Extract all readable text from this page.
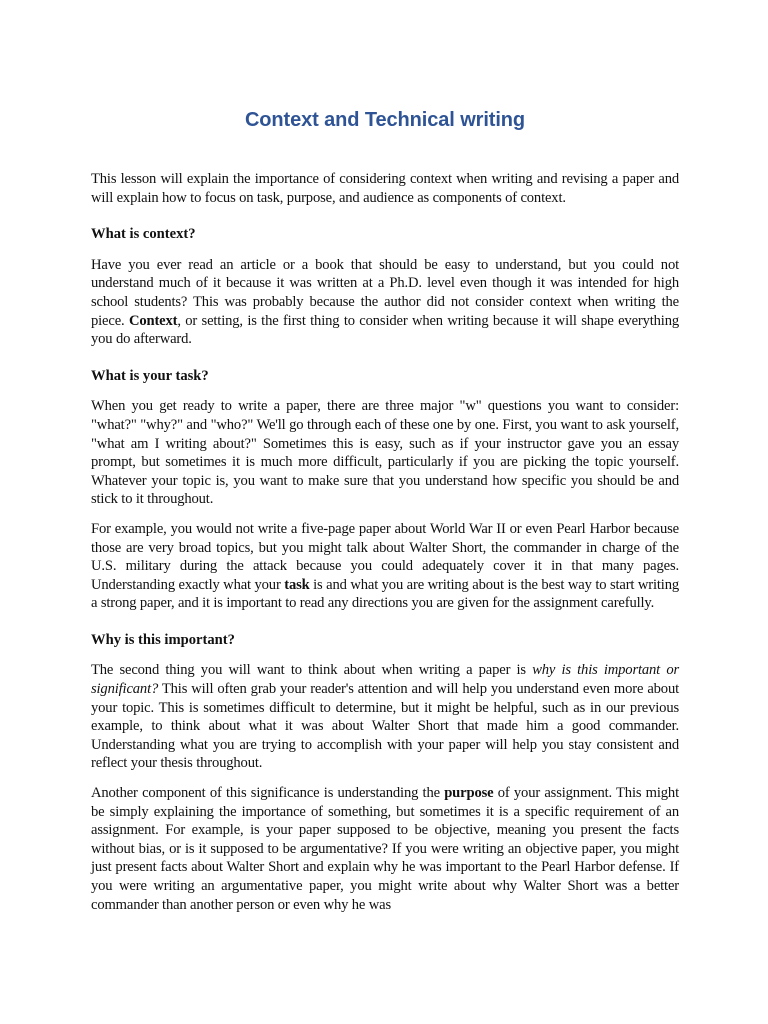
Context and Technical writing

This lesson will explain the importance of considering context when writing and revising a paper and will explain how to focus on task, purpose, and audience as components of context.

What is context?

Have you ever read an article or a book that should be easy to understand, but you could not understand much of it because it was written at a Ph.D. level even though it was intended for high school students? This was probably because the author did not consider context when writing the piece. Context, or setting, is the first thing to consider when writing because it will shape everything you do afterward.

What is your task?

When you get ready to write a paper, there are three major "w" questions you want to consider: "what?" "why?" and "who?" We'll go through each of these one by one. First, you want to ask yourself, "what am I writing about?" Sometimes this is easy, such as if your instructor gave you an essay prompt, but sometimes it is much more difficult, particularly if you are picking the topic yourself. Whatever your topic is, you want to make sure that you understand how specific you should be and stick to it throughout.

For example, you would not write a five-page paper about World War II or even Pearl Harbor because those are very broad topics, but you might talk about Walter Short, the commander in charge of the U.S. military during the attack because you could adequately cover it in that many pages. Understanding exactly what your task is and what you are writing about is the best way to start writing a strong paper, and it is important to read any directions you are given for the assignment carefully.

Why is this important?

The second thing you will want to think about when writing a paper is why is this important or significant? This will often grab your reader's attention and will help you understand even more about your topic. This is sometimes difficult to determine, but it might be helpful, such as in our previous example, to think about what it was about Walter Short that made him a good commander. Understanding what you are trying to accomplish with your paper will help you stay consistent and reflect your thesis throughout.

Another component of this significance is understanding the purpose of your assignment. This might be simply explaining the importance of something, but sometimes it is a specific requirement of an assignment. For example, is your paper supposed to be objective, meaning you present the facts without bias, or is it supposed to be argumentative? If you were writing an objective paper, you might just present facts about Walter Short and explain why he was important to the Pearl Harbor defense. If you were writing an argumentative paper, you might write about why Walter Short was a better commander than another person or even why he was
